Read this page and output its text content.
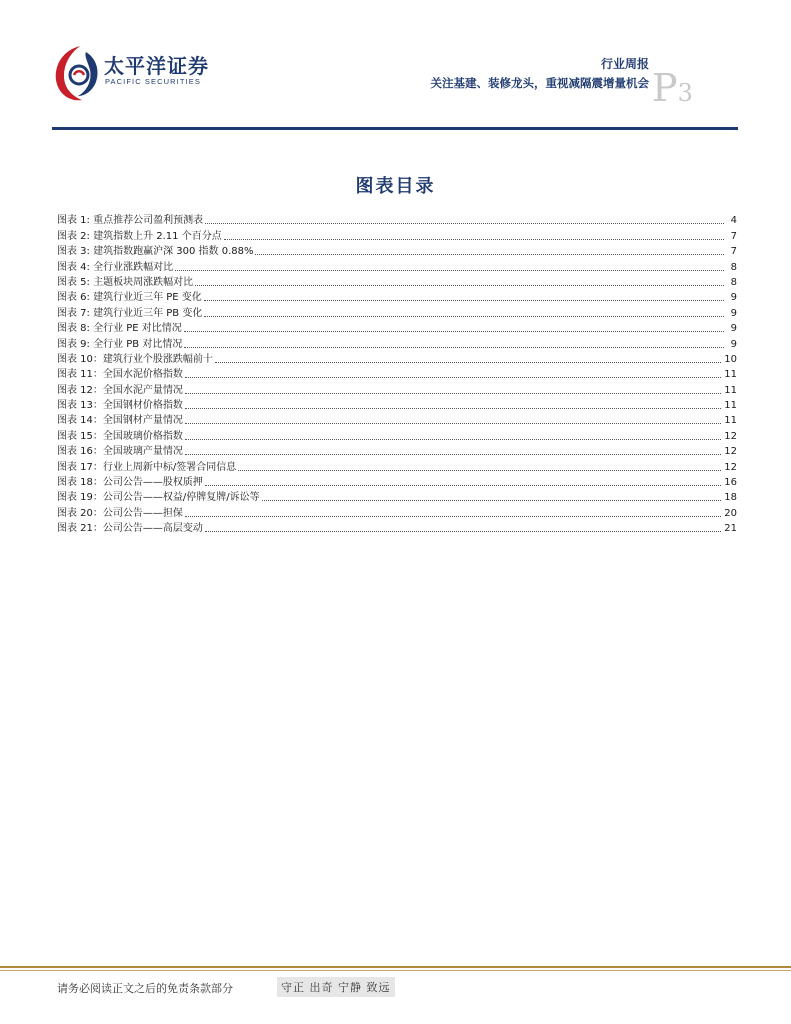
太平洋证券
PACIFIC SECURITIES
行业周报
关注基建、装修龙头，重视减隔震增量机会 P3
图表目录
图表 1: 重点推荐公司盈利预测表	4
图表 2: 建筑指数上升 2.11 个百分点	7
图表 3: 建筑指数跑赢沪深 300 指数 0.88%	7
图表 4: 全行业涨跌幅对比	8
图表 5: 主题板块周涨跌幅对比	8
图表 6: 建筑行业近三年 PE 变化	9
图表 7: 建筑行业近三年 PB 变化	9
图表 8: 全行业 PE 对比情况	9
图表 9: 全行业 PB 对比情况	9
图表 10：建筑行业个股涨跌幅前十	10
图表 11：全国水泥价格指数	11
图表 12：全国水泥产量情况	11
图表 13：全国钢材价格指数	11
图表 14：全国钢材产量情况	11
图表 15：全国玻璃价格指数	12
图表 16：全国玻璃产量情况	12
图表 17：行业上周新中标/签署合同信息	12
图表 18：公司公告——股权质押	16
图表 19：公司公告——权益/停牌复牌/诉讼等	18
图表 20：公司公告——担保	20
图表 21：公司公告——高层变动	21
请务必阅读正文之后的免责条款部分	守正 出奇 宁静 致远
